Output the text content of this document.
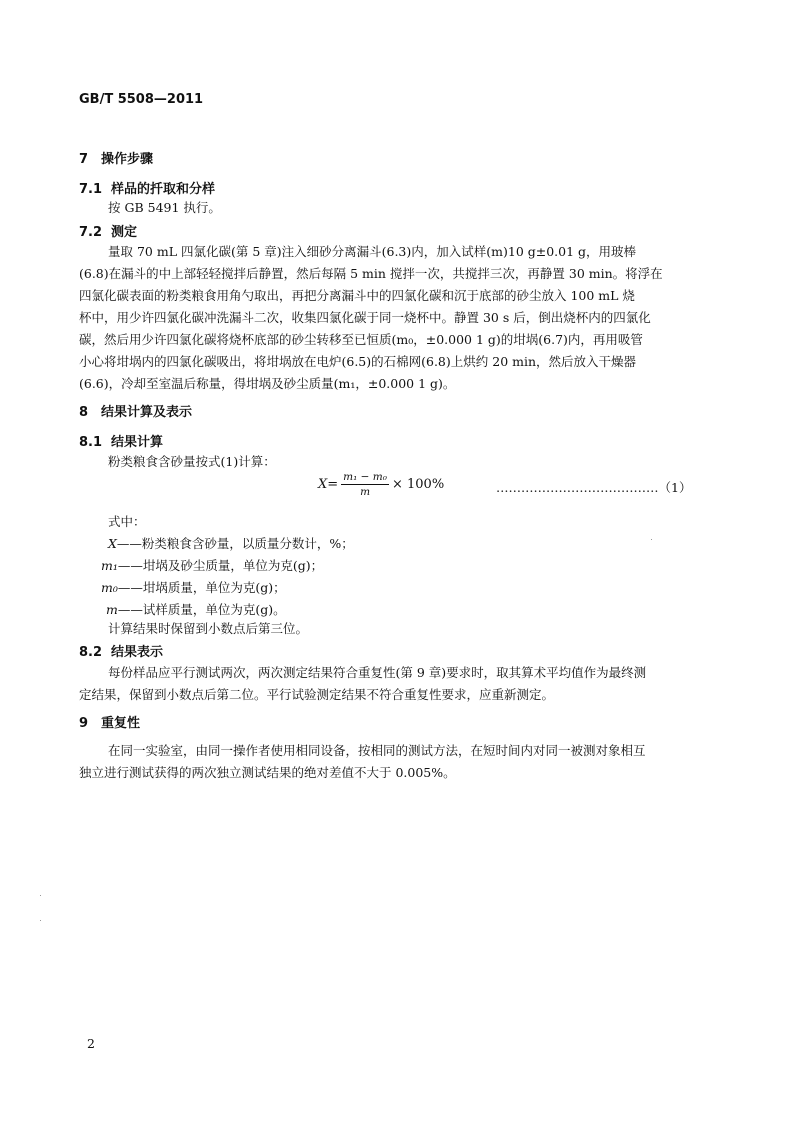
GB/T 5508—2011
7 操作步骤
7.1 样品的扦取和分样
按 GB 5491 执行。
7.2 测定
量取 70 mL 四氯化碳(第 5 章)注入细砂分离漏斗(6.3)内，加入试样(m)10 g±0.01 g，用玻棒
(6.8)在漏斗的中上部轻轻搅拌后静置，然后每隔 5 min 搅拌一次，共搅拌三次，再静置 30 min。将浮在
四氯化碳表面的粉类粮食用角勺取出，再把分离漏斗中的四氯化碳和沉于底部的砂尘放入 100 mL 烧
杯中，用少许四氯化碳冲洗漏斗二次，收集四氯化碳于同一烧杯中。静置 30 s 后，倒出烧杯内的四氯化
碳，然后用少许四氯化碳将烧杯底部的砂尘转移至已恒质(m₀，±0.000 1 g)的坩埚(6.7)内，再用吸管
小心将坩埚内的四氯化碳吸出，将坩埚放在电炉(6.5)的石棉网(6.8)上烘约 20 min，然后放入干燥器
(6.6)，冷却至室温后称量，得坩埚及砂尘质量(m₁，±0.000 1 g)。
8 结果计算及表示
8.1 结果计算
粉类粮食含砂量按式(1)计算：
$X = \frac{\text{m₁ − m₀}}{m} \times 100\%$	…………………………………（1）
式中：
X——粉类粮食含砂量，以质量分数计，%；
m₁——坩埚及砂尘质量，单位为克(g)；
m₀——坩埚质量，单位为克(g)；
m——试样质量，单位为克(g)。
计算结果时保留到小数点后第三位。
8.2 结果表示
每份样品应平行测试两次，两次测定结果符合重复性(第 9 章)要求时，取其算术平均值作为最终测
定结果，保留到小数点后第二位。平行试验测定结果不符合重复性要求，应重新测定。
9 重复性
在同一实验室，由同一操作者使用相同设备，按相同的测试方法，在短时间内对同一被测对象相互
独立进行测试获得的两次独立测试结果的绝对差值不大于 0.005%。
2
